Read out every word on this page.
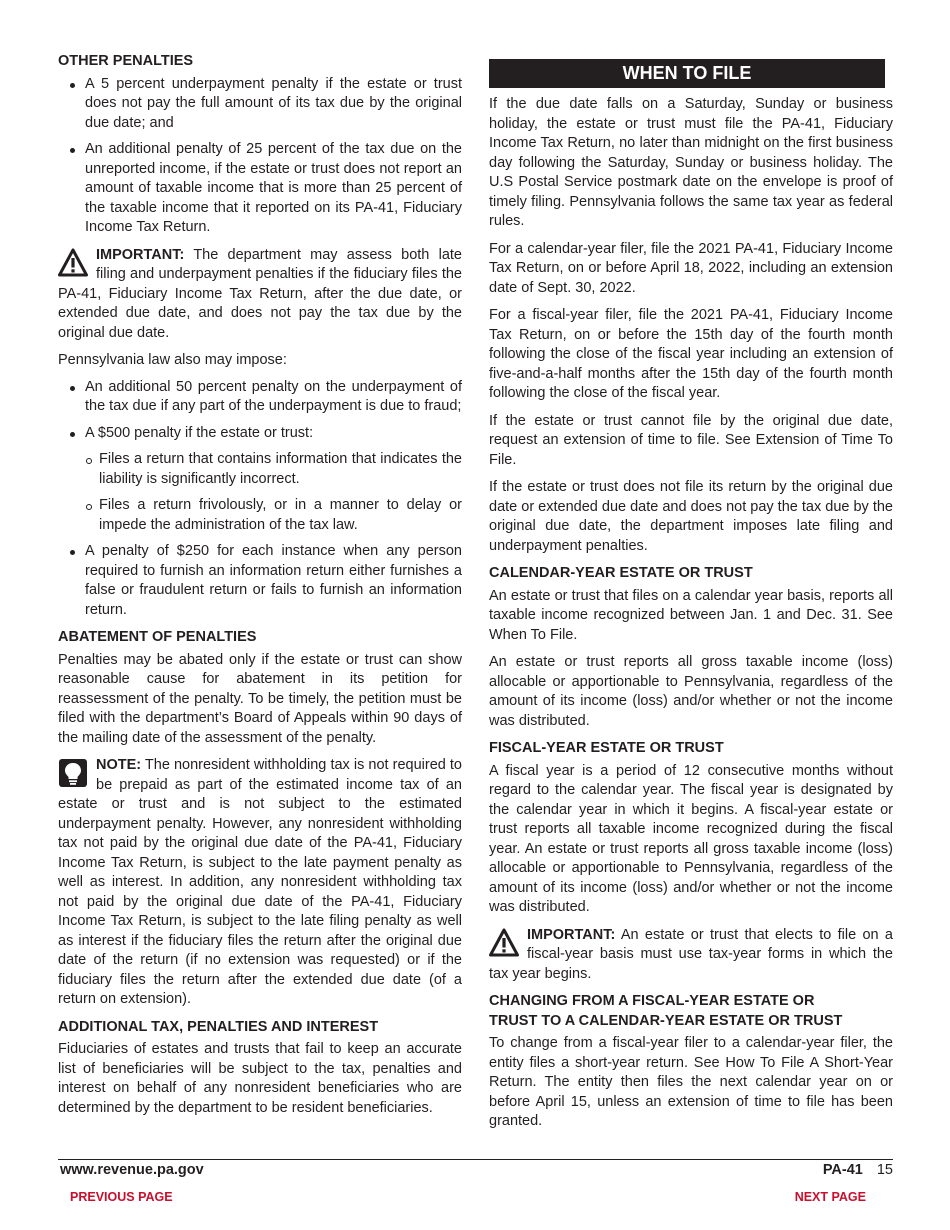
OTHER PENALTIES
A 5 percent underpayment penalty if the estate or trust does not pay the full amount of its tax due by the original due date; and
An additional penalty of 25 percent of the tax due on the unreported income, if the estate or trust does not report an amount of taxable income that is more than 25 percent of the taxable income that it reported on its PA-41, Fiduciary Income Tax Return.

IMPORTANT: The department may assess both late filing and underpayment penalties if the fiduciary files the PA-41, Fiduciary Income Tax Return, after the due date, or extended due date, and does not pay the tax due by the original due date.

Pennsylvania law also may impose:

An additional 50 percent penalty on the underpayment of the tax due if any part of the underpayment is due to fraud;
A $500 penalty if the estate or trust:
Files a return that contains information that indicates the liability is significantly incorrect.
Files a return frivolously, or in a manner to delay or impede the administration of the tax law.
A penalty of $250 for each instance when any person required to furnish an information return either furnishes a false or fraudulent return or fails to furnish an information return.
ABATEMENT OF PENALTIES

Penalties may be abated only if the estate or trust can show reasonable cause for abatement in its petition for reassessment of the penalty. To be timely, the petition must be filed with the department’s Board of Appeals within 90 days of the mailing date of the assessment of the penalty.

NOTE: The nonresident withholding tax is not required to be prepaid as part of the estimated income tax of an estate or trust and is not subject to the estimated underpayment penalty. However, any nonresident withholding tax not paid by the original due date of the PA-41, Fiduciary Income Tax Return, is subject to the late payment penalty as well as interest. In addition, any nonresident withholding tax not paid by the original due date of the PA-41, Fiduciary Income Tax Return, is subject to the late filing penalty as well as interest if the fiduciary files the return after the original due date of the return (if no extension was requested) or if the fiduciary files the return after the extended due date (of a return on extension).

ADDITIONAL TAX, PENALTIES AND INTEREST

Fiduciaries of estates and trusts that fail to keep an accurate list of beneficiaries will be subject to the tax, penalties and interest on behalf of any nonresident beneficiaries who are determined by the department to be resident beneficiaries.

WHEN TO FILE

If the due date falls on a Saturday, Sunday or business holiday, the estate or trust must file the PA-41, Fiduciary Income Tax Return, no later than midnight on the first business day following the Saturday, Sunday or business holiday. The U.S Postal Service postmark date on the envelope is proof of timely filing. Pennsylvania follows the same tax year as federal rules.

For a calendar-year filer, file the 2021 PA-41, Fiduciary Income Tax Return, on or before April 18, 2022, including an extension date of Sept. 30, 2022.

For a fiscal-year filer, file the 2021 PA-41, Fiduciary Income Tax Return, on or before the 15th day of the fourth month following the close of the fiscal year including an extension of five-and-a-half months after the 15th day of the fourth month following the close of the fiscal year.

If the estate or trust cannot file by the original due date, request an extension of time to file. See Extension of Time To File.

If the estate or trust does not file its return by the original due date or extended due date and does not pay the tax due by the original due date, the department imposes late filing and underpayment penalties.

CALENDAR-YEAR ESTATE OR TRUST

An estate or trust that files on a calendar year basis, reports all taxable income recognized between Jan. 1 and Dec. 31. See When To File.

An estate or trust reports all gross taxable income (loss) allocable or apportionable to Pennsylvania, regardless of the amount of its income (loss) and/or whether or not the income was distributed.

FISCAL-YEAR ESTATE OR TRUST

A fiscal year is a period of 12 consecutive months without regard to the calendar year. The fiscal year is designated by the calendar year in which it begins. A fiscal-year estate or trust reports all taxable income recognized during the fiscal year. An estate or trust reports all gross taxable income (loss) allocable or apportionable to Pennsylvania, regardless of the amount of its income (loss) and/or whether or not the income was distributed.

IMPORTANT: An estate or trust that elects to file on a fiscal-year basis must use tax-year forms in which the tax year begins.

CHANGING FROM A FISCAL-YEAR ESTATE OR
TRUST TO A CALENDAR-YEAR ESTATE OR TRUST

To change from a fiscal-year filer to a calendar-year filer, the entity files a short-year return. See How To File A Short-Year Return. The entity then files the next calendar year on or before April 15, unless an extension of time to file has been granted.

www.revenue.pa.gov	PA-41 15
PREVIOUS PAGE	NEXT PAGE
